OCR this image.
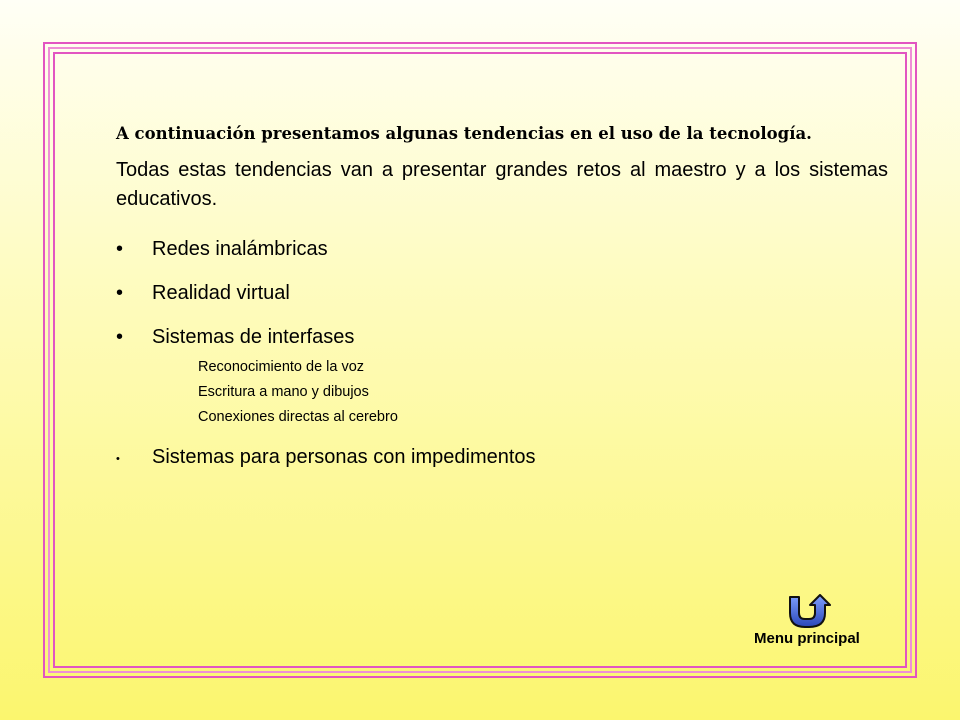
A continuación presentamos algunas tendencias en el uso de la tecnología.

Todas estas tendencias van a presentar grandes retos al maestro y a los sistemas educativos.

• Redes inalámbricas
• Realidad virtual
• Sistemas de interfases
Reconocimiento de la voz
Escritura a mano y dibujos
Conexiones directas al cerebro
• Sistemas para personas con impedimentos
Menu principal
